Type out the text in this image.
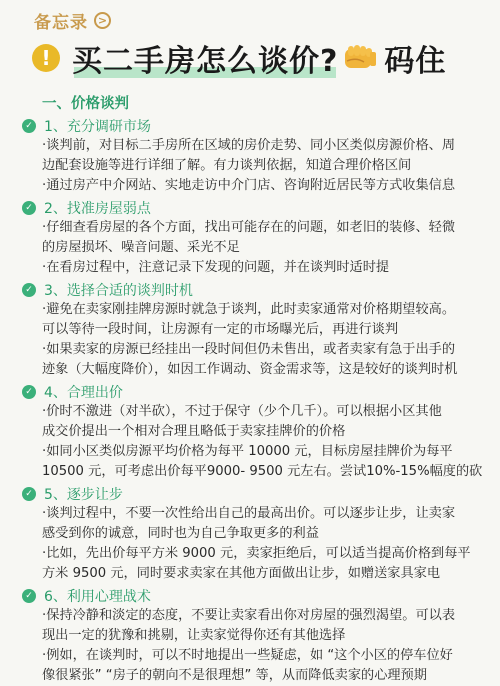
备忘录 >
! 买二手房怎么谈价? 码住
一、价格谈判
✓ 1、充分调研市场
·谈判前，对目标二手房所在区域的房价走势、同小区类似房源价格、周
边配套设施等进行详细了解。有力谈判依据，知道合理价格区间
·通过房产中介网站、实地走访中介门店、咨询附近居民等方式收集信息
✓ 2、找准房屋弱点
·仔细查看房屋的各个方面，找出可能存在的问题，如老旧的装修、轻微
的房屋损坏、噪音问题、采光不足
·在看房过程中，注意记录下发现的问题，并在谈判时适时提
✓ 3、选择合适的谈判时机
·避免在卖家刚挂牌房源时就急于谈判，此时卖家通常对价格期望较高。
可以等待一段时间，让房源有一定的市场曝光后，再进行谈判
·如果卖家的房源已经挂出一段时间但仍未售出，或者卖家有急于出手的
迹象（大幅度降价），如因工作调动、资金需求等，这是较好的谈判时机
✓ 4、合理出价
·价时不激进（对半砍），不过于保守（少个几千）。可以根据小区其他
成交价提出一个相对合理且略低于卖家挂牌价的价格
·如同小区类似房源平均价格为每平 10000 元，目标房屋挂牌价为每平
10500 元，可考虑出价每平9000- 9500 元左右。尝试10%-15%幅度的砍
✓ 5、逐步让步
·谈判过程中，不要一次性给出自己的最高出价。可以逐步让步，让卖家
感受到你的诚意，同时也为自己争取更多的利益
·比如，先出价每平方米 9000 元，卖家拒绝后，可以适当提高价格到每平
方米 9500 元，同时要求卖家在其他方面做出让步，如赠送家具家电
✓ 6、利用心理战术
·保持冷静和淡定的态度，不要让卖家看出你对房屋的强烈渴望。可以表
现出一定的犹豫和挑剔，让卖家觉得你还有其他选择
·例如，在谈判时，可以不时地提出一些疑虑，如 “这个小区的停车位好
像很紧张” “房子的朝向不是很理想” 等，从而降低卖家的心理预期
